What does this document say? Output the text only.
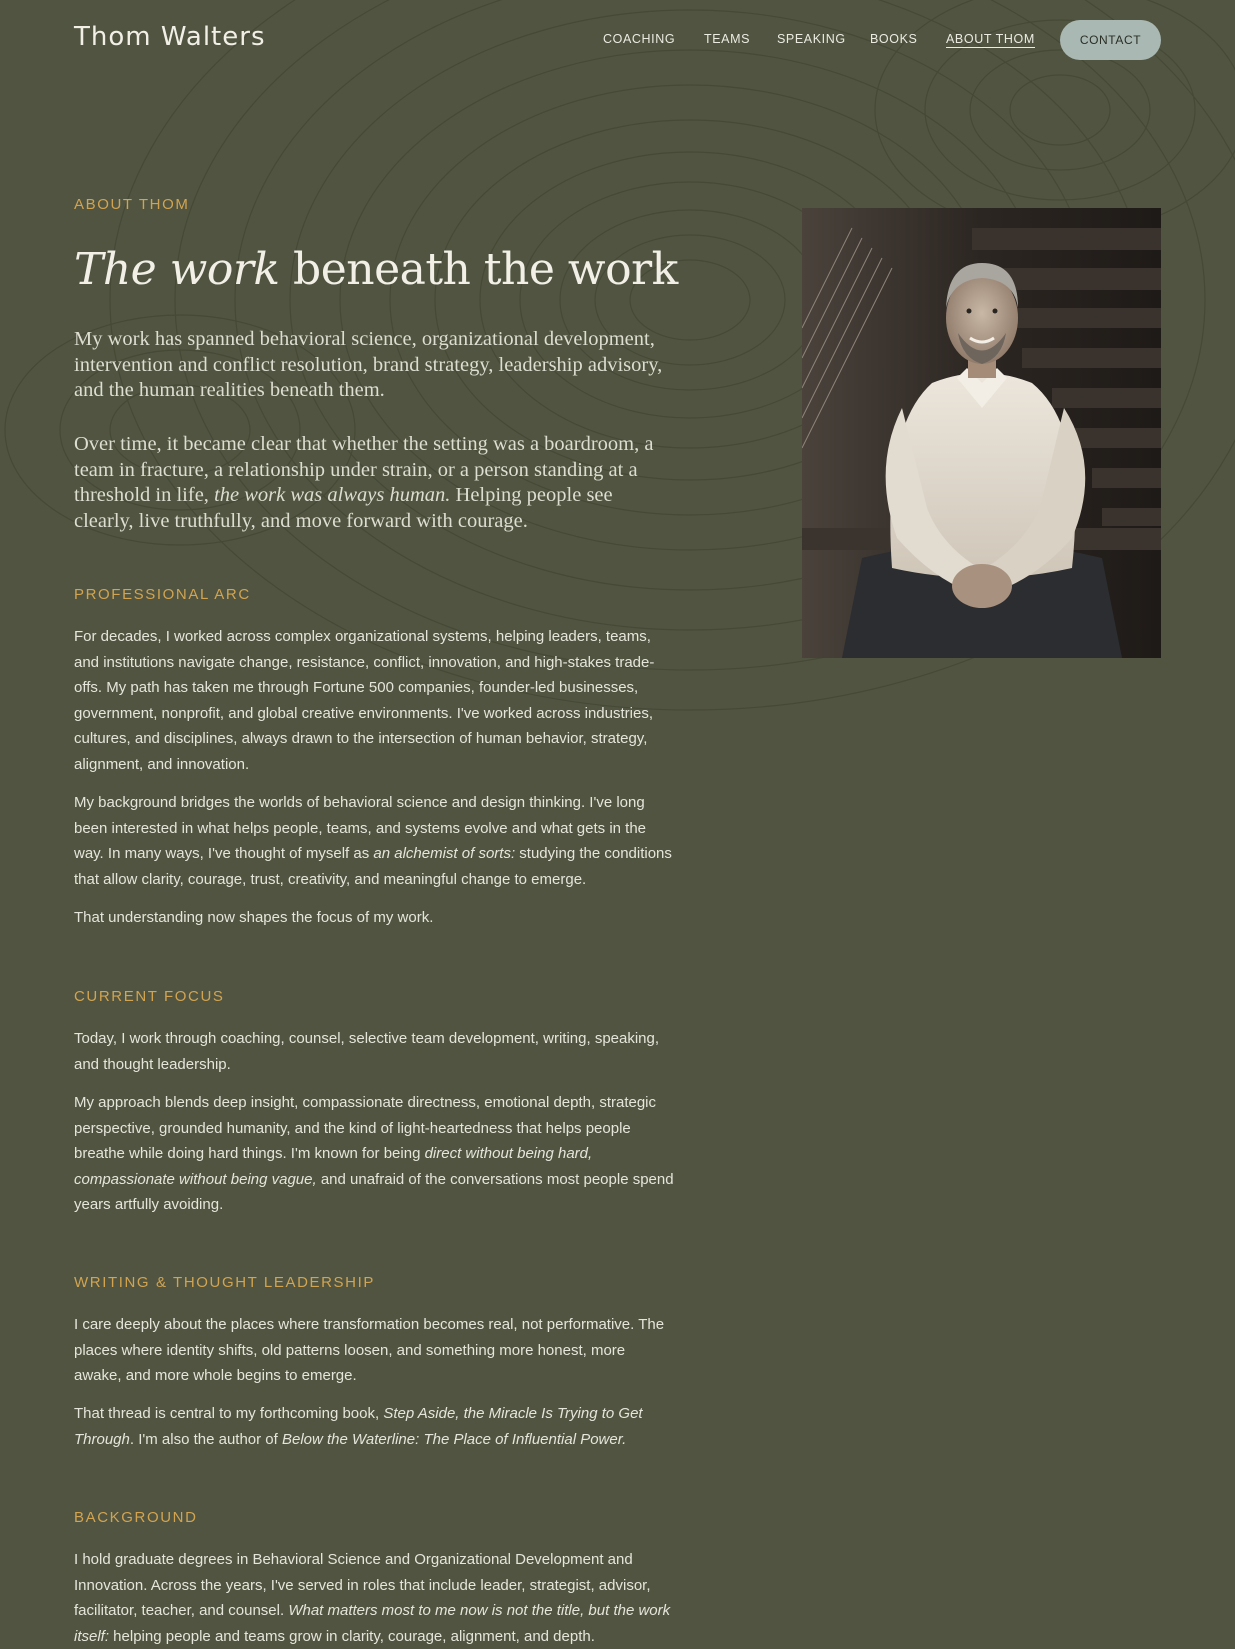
Thom Walters	COACHING TEAMS SPEAKING BOOKS ABOUT THOM	CONTACT
ABOUT THOM
The work beneath the work

My work has spanned behavioral science, organizational development, intervention and conflict resolution, brand strategy, leadership advisory, and the human realities beneath them.

Over time, it became clear that whether the setting was a boardroom, a team in fracture, a relationship under strain, or a person standing at a threshold in life, the work was always human. Helping people see clearly, live truthfully, and move forward with courage.

PROFESSIONAL ARC

For decades, I worked across complex organizational systems, helping leaders, teams, and institutions navigate change, resistance, conflict, innovation, and high-stakes trade-offs. My path has taken me through Fortune 500 companies, founder-led businesses, government, nonprofit, and global creative environments. I've worked across industries, cultures, and disciplines, always drawn to the intersection of human behavior, strategy, alignment, and innovation.

My background bridges the worlds of behavioral science and design thinking. I've long been interested in what helps people, teams, and systems evolve and what gets in the way. In many ways, I've thought of myself as an alchemist of sorts: studying the conditions that allow clarity, courage, trust, creativity, and meaningful change to emerge.

That understanding now shapes the focus of my work.

CURRENT FOCUS

Today, I work through coaching, counsel, selective team development, writing, speaking, and thought leadership.

My approach blends deep insight, compassionate directness, emotional depth, strategic perspective, grounded humanity, and the kind of light-heartedness that helps people breathe while doing hard things. I'm known for being direct without being hard, compassionate without being vague, and unafraid of the conversations most people spend years artfully avoiding.

WRITING & THOUGHT LEADERSHIP

I care deeply about the places where transformation becomes real, not performative. The places where identity shifts, old patterns loosen, and something more honest, more awake, and more whole begins to emerge.

That thread is central to my forthcoming book, Step Aside, the Miracle Is Trying to Get Through. I'm also the author of Below the Waterline: The Place of Influential Power.

BACKGROUND

I hold graduate degrees in Behavioral Science and Organizational Development and Innovation. Across the years, I've served in roles that include leader, strategist, advisor, facilitator, teacher, and counsel. What matters most to me now is not the title, but the work itself: helping people and teams grow in clarity, courage, alignment, and depth.
